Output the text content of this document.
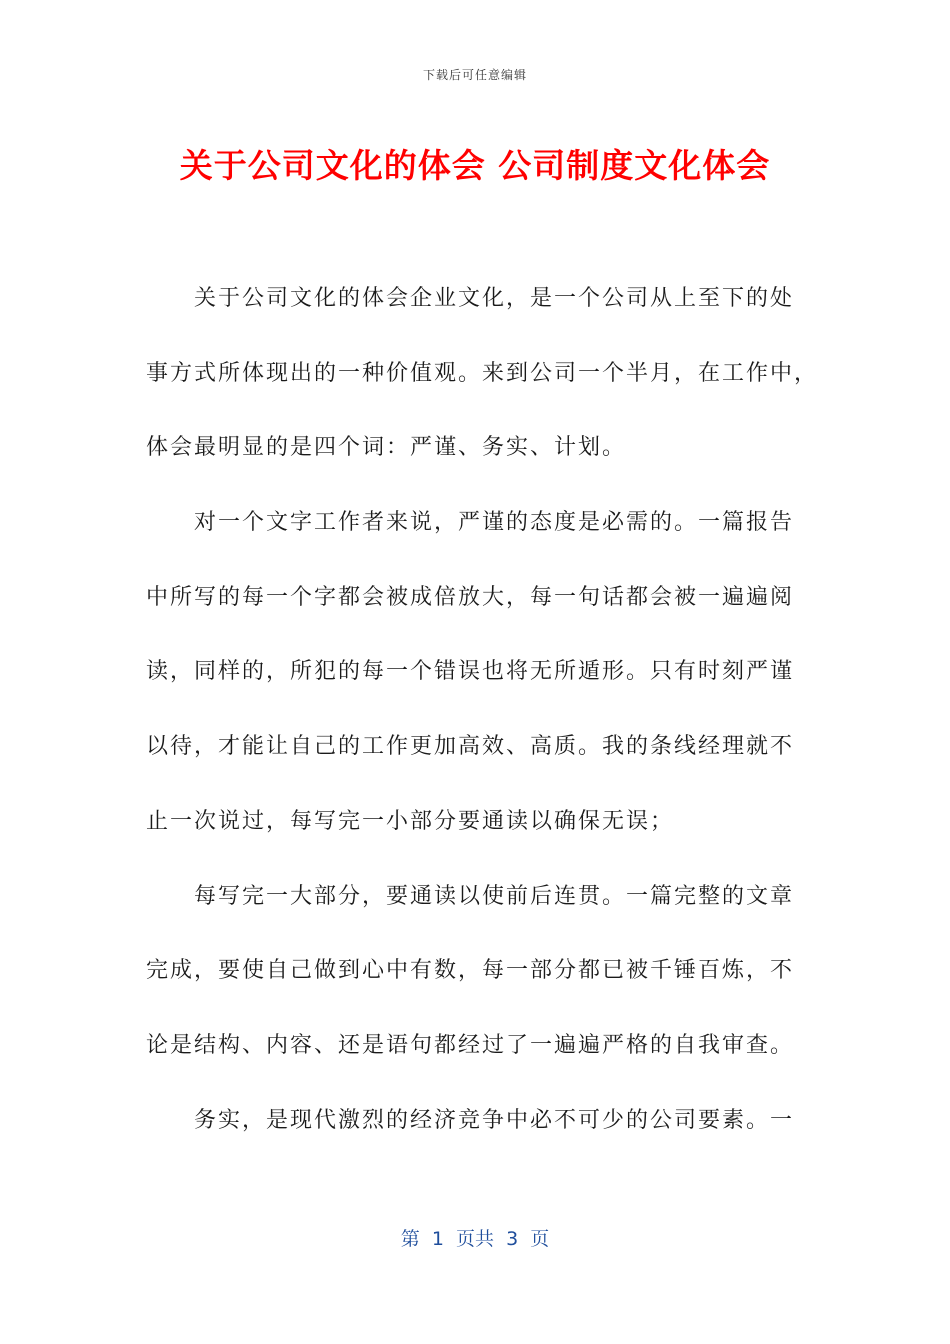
下载后可任意编辑
关于公司文化的体会 公司制度文化体会
关于公司文化的体会企业文化，是一个公司从上至下的处
事方式所体现出的一种价值观。来到公司一个半月，在工作中，
体会最明显的是四个词：严谨、务实、计划。
对一个文字工作者来说，严谨的态度是必需的。一篇报告
中所写的每一个字都会被成倍放大，每一句话都会被一遍遍阅
读，同样的，所犯的每一个错误也将无所遁形。只有时刻严谨
以待，才能让自己的工作更加高效、高质。我的条线经理就不
止一次说过，每写完一小部分要通读以确保无误；
每写完一大部分，要通读以使前后连贯。一篇完整的文章
完成，要使自己做到心中有数，每一部分都已被千锤百炼，不
论是结构、内容、还是语句都经过了一遍遍严格的自我审查。
务实，是现代激烈的经济竞争中必不可少的公司要素。一
第  1  页共  3  页
